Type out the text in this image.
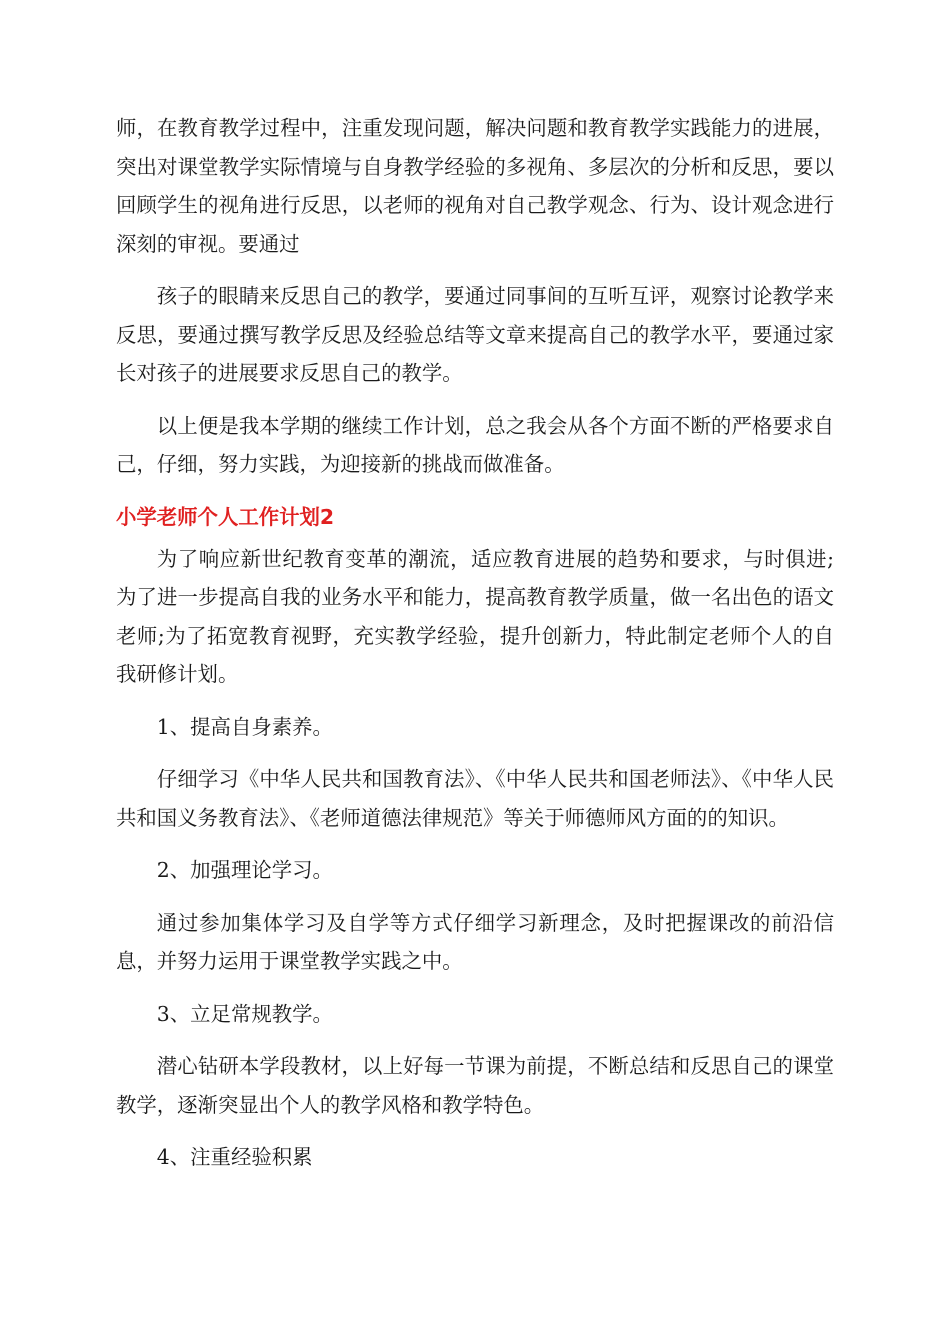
师，在教育教学过程中，注重发现问题，解决问题和教育教学实践能力的进展，突出对课堂教学实际情境与自身教学经验的多视角、多层次的分析和反思，要以回顾学生的视角进行反思，以老师的视角对自己教学观念、行为、设计观念进行深刻的审视。要通过

孩子的眼睛来反思自己的教学，要通过同事间的互听互评，观察讨论教学来反思，要通过撰写教学反思及经验总结等文章来提高自己的教学水平，要通过家长对孩子的进展要求反思自己的教学。

以上便是我本学期的继续工作计划，总之我会从各个方面不断的严格要求自己，仔细，努力实践，为迎接新的挑战而做准备。

小学老师个人工作计划2

为了响应新世纪教育变革的潮流，适应教育进展的趋势和要求，与时俱进;为了进一步提高自我的业务水平和能力，提高教育教学质量，做一名出色的语文老师;为了拓宽教育视野，充实教学经验，提升创新力，特此制定老师个人的自我研修计划。

1、提高自身素养。

仔细学习《中华人民共和国教育法》、《中华人民共和国老师法》、《中华人民共和国义务教育法》、《老师道德法律规范》等关于师德师风方面的的知识。

2、加强理论学习。

通过参加集体学习及自学等方式仔细学习新理念，及时把握课改的前沿信息，并努力运用于课堂教学实践之中。

3、立足常规教学。

潜心钻研本学段教材，以上好每一节课为前提，不断总结和反思自己的课堂教学，逐渐突显出个人的教学风格和教学特色。

4、注重经验积累
